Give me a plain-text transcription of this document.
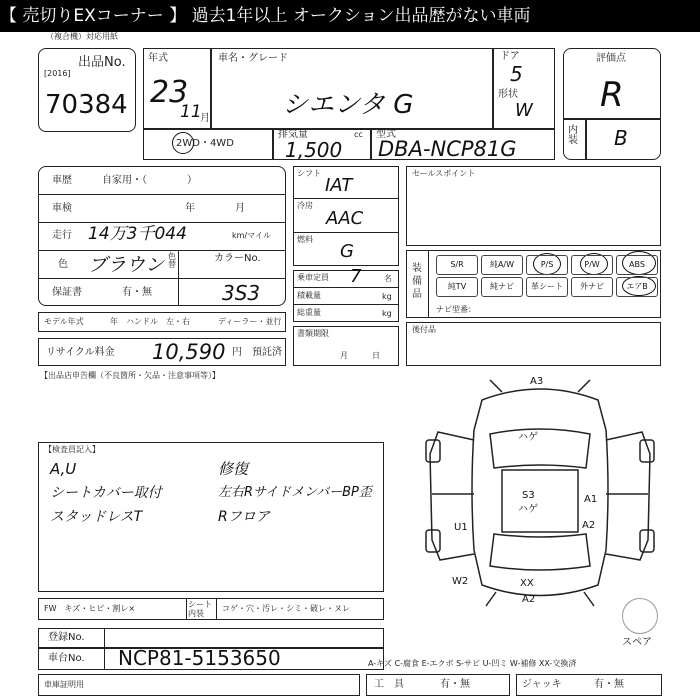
【 売切りEXコーナー 】 過去1年以上 オークション出品歴がない車両
（複合機）対応用紙
出品No.
[2016]
70384
年式
23
11
月
車名・グレード
シエンタ G
ドア
5
形状
W
2WD・4WD
排気量	cc
1,500
型式
DBA-NCP81G
評価点
R
内装 B
車歴	自家用・（　　　　）
車検	年　　　　月
走行 14万3千044	km/マイル
色 ブラウン 色替
カラーNo.
3S3
保証書	有・無
モデル年式	年　ハンドル　左・右	ディーラー・並行
リサイクル料金 10,590 円　預託済
シフト
IAT
冷房
AAC
燃料
G
乗車定員 7	名
積載量	kg
総重量	kg
書類期限
月　　　日
セールスポイント
装備品
ナビ型番：
後付品
【出品店申告欄（不良箇所・欠品・注意事項等）】
【検査員記入】
A,U
シートカバー取付
スタッドレスT
修復
左右RサイドメンバーBP歪
Rフロア
A3
ハゲ
S3
ハゲ
A1
A2
U1
W2	XX
A2
スペア
FW　キズ・ヒビ・割レ×	シート内装
コゲ・穴・汚レ・シミ・破レ・ヌレ
登録No.
車台No. NCP81-5153650	A-キズ C-腐食 E-エクボ S-サビ U-凹ミ W-補修 XX-交換済
車庫証明用	工　具	有・無	ジャッキ	有・無
S/R	純A/W	P/S	P/W	ABS
純TV	純ナビ	革シート	外ナビ	エアB
